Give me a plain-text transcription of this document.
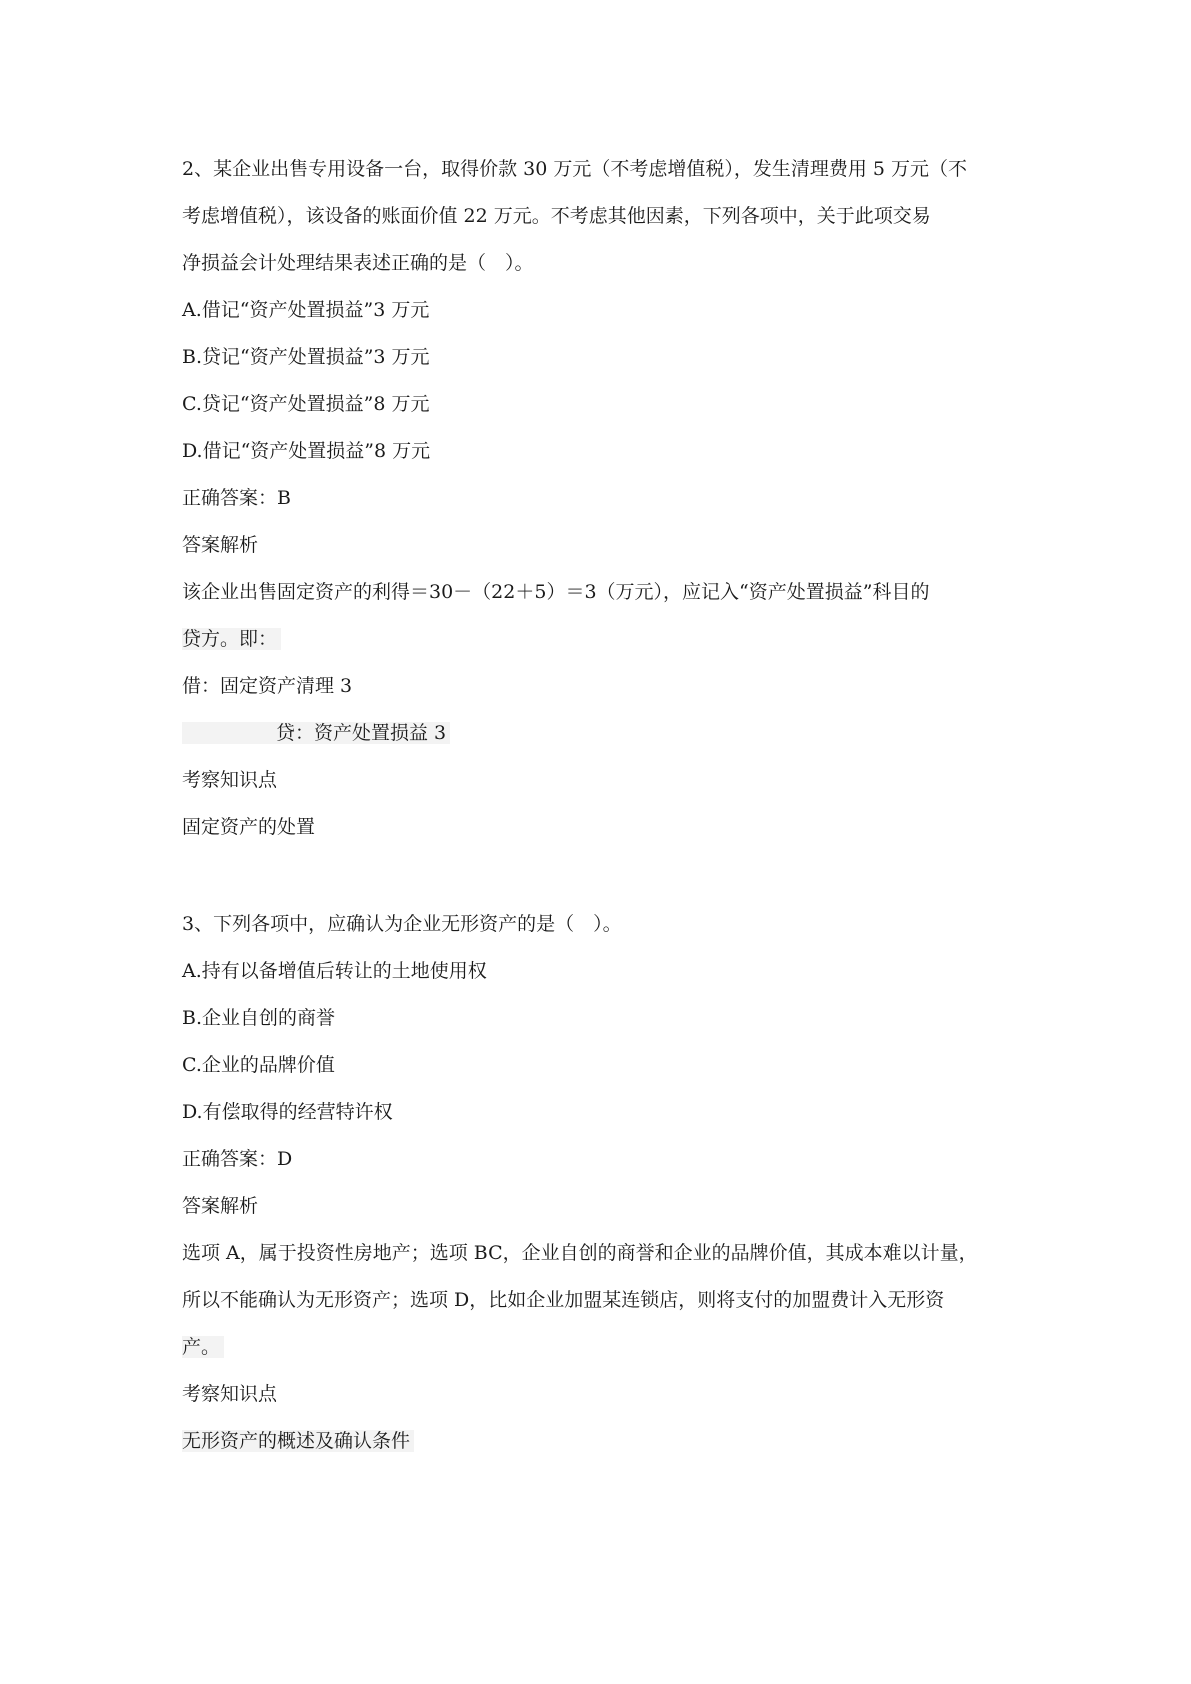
2、某企业出售专用设备一台，取得价款 30 万元（不考虑增值税），发生清理费用 5 万元（不
考虑增值税），该设备的账面价值 22 万元。不考虑其他因素，下列各项中，关于此项交易
净损益会计处理结果表述正确的是（　）。
A.借记“资产处置损益”3 万元
B.贷记“资产处置损益”3 万元
C.贷记“资产处置损益”8 万元
D.借记“资产处置损益”8 万元
正确答案：B
答案解析
该企业出售固定资产的利得＝30－（22＋5）＝3（万元），应记入“资产处置损益”科目的
贷方。即：
借：固定资产清理 3
贷：资产处置损益 3
考察知识点
固定资产的处置
3、下列各项中，应确认为企业无形资产的是（　）。
A.持有以备增值后转让的土地使用权
B.企业自创的商誉
C.企业的品牌价值
D.有偿取得的经营特许权
正确答案：D
答案解析
选项 A，属于投资性房地产；选项 BC，企业自创的商誉和企业的品牌价值，其成本难以计量，
所以不能确认为无形资产；选项 D，比如企业加盟某连锁店，则将支付的加盟费计入无形资
产。
考察知识点
无形资产的概述及确认条件
